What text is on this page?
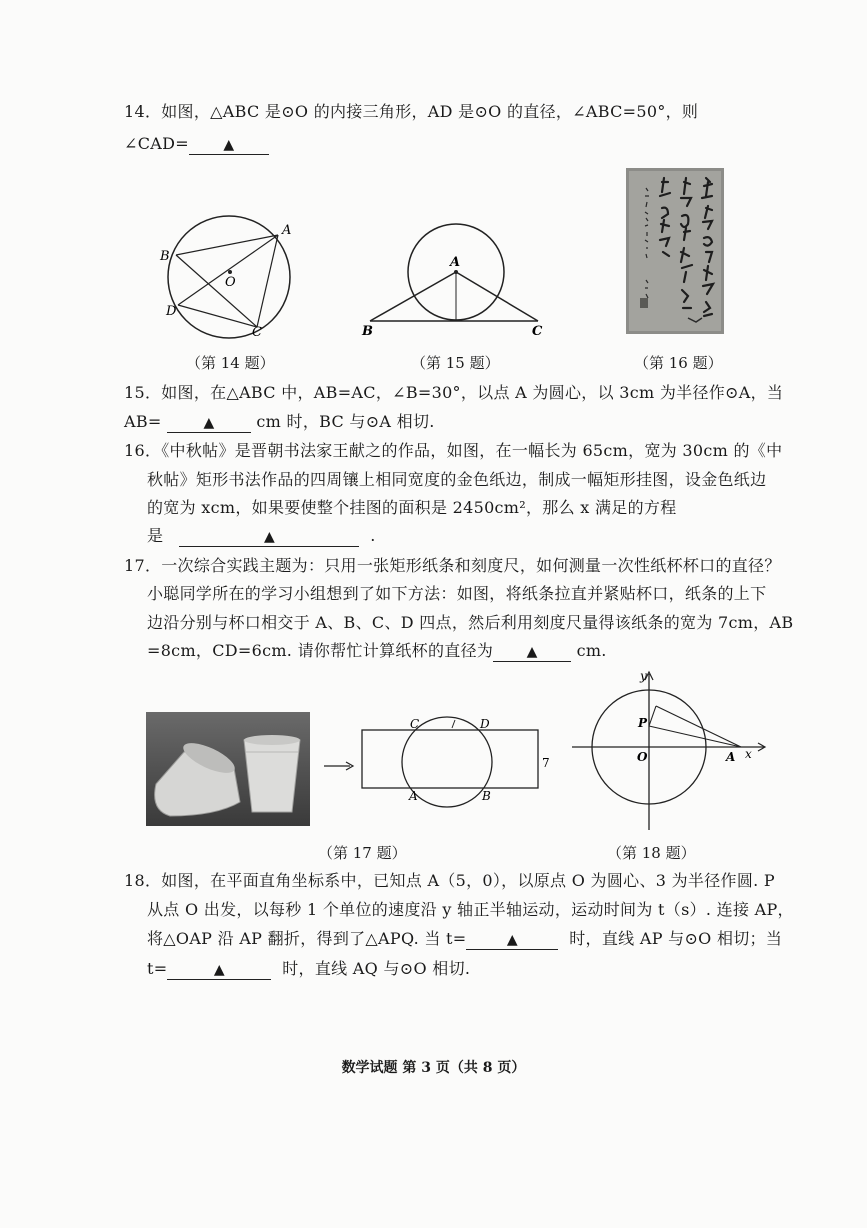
14．如图，△ABC 是⊙O 的内接三角形，AD 是⊙O 的直径，∠ABC=50°，则
∠CAD= ▲
A
B
C
D
O
A
B	C
（第 14 题）	（第 15 题）	（第 16 题）
15．如图，在△ABC 中，AB=AC，∠B=30°，以点 A 为圆心，以 3cm 为半径作⊙A，当
AB=	▲	cm 时，BC 与⊙A 相切.
16．《中秋帖》是晋朝书法家王献之的作品，如图，在一幅长为 65cm，宽为 30cm 的《中
秋帖》矩形书法作品的四周镶上相同宽度的金色纸边，制成一幅矩形挂图，设金色纸边
的宽为 xcm，如果要使整个挂图的面积是 2450cm²，那么 x 满足的方程
是	▲	.
17．一次综合实践主题为：只用一张矩形纸条和刻度尺，如何测量一次性纸杯杯口的直径？
小聪同学所在的学习小组想到了如下方法：如图，将纸条拉直并紧贴杯口，纸条的上下
边沿分别与杯口相交于 A、B、C、D 四点，然后利用刻度尺量得该纸条的宽为 7cm，AB
=8cm，CD=6cm. 请你帮忙计算纸杯的直径为 ▲ cm.
C	D
A	B
7
y
x
P
O	A
（第 17 题）	（第 18 题）
18．如图，在平面直角坐标系中，已知点 A（5，0），以原点 O 为圆心、3 为半径作圆. P
从点 O 出发，以每秒 1 个单位的速度沿 y 轴正半轴运动，运动时间为 t（s）. 连接 AP，
将△OAP 沿 AP 翻折，得到了△APQ. 当 t=	▲	时，直线 AP 与⊙O 相切；当
t=	▲	时，直线 AQ 与⊙O 相切.
数学试题 第 3 页（共 8 页）
